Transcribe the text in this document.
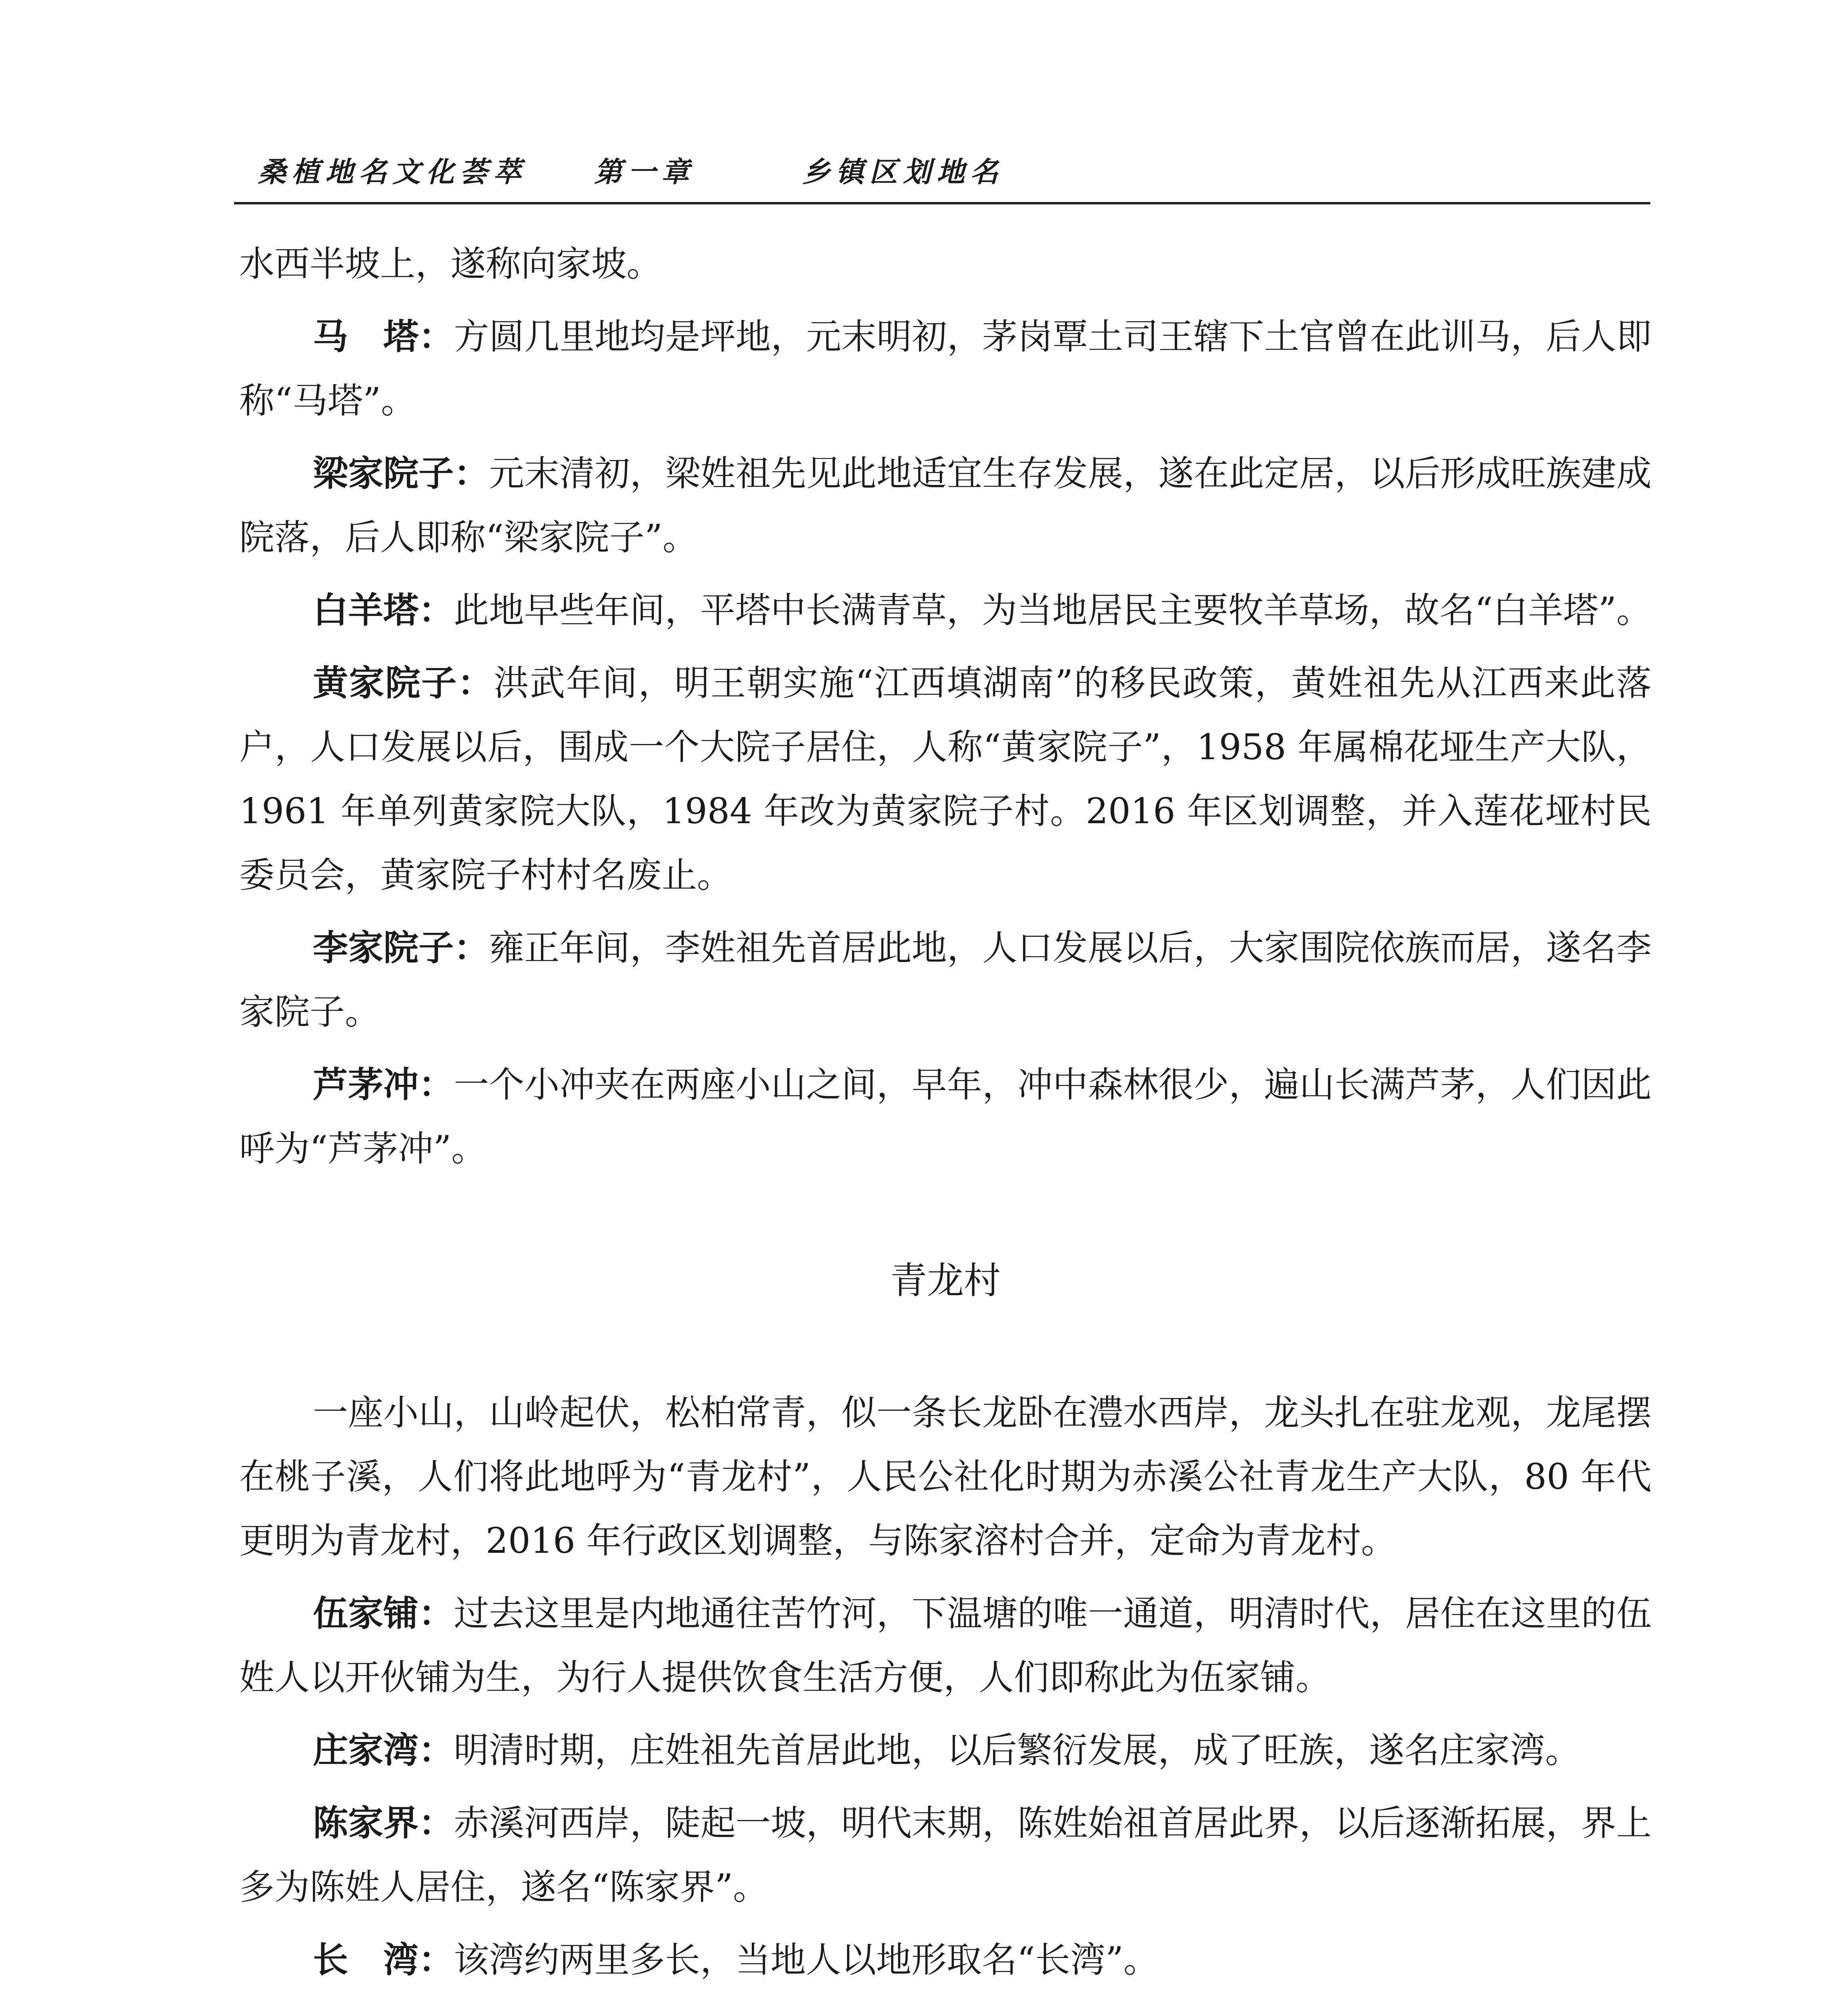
桑植地名文化荟萃 第一章	乡镇区划地名

水西半坡上，遂称向家坡。

马　塔：方圆几里地均是坪地，元末明初，茅岗覃土司王辖下土官曾在此训马，后人即称“马塔”。

梁家院子：元末清初，梁姓祖先见此地适宜生存发展，遂在此定居，以后形成旺族建成院落，后人即称“梁家院子”。

白羊塔：此地早些年间，平塔中长满青草，为当地居民主要牧羊草场，故名“白羊塔”。

黄家院子：洪武年间，明王朝实施“江西填湖南”的移民政策，黄姓祖先从江西来此落户，人口发展以后，围成一个大院子居住，人称“黄家院子”，1958 年属棉花垭生产大队，1961 年单列黄家院大队，1984 年改为黄家院子村。2016 年区划调整，并入莲花垭村民委员会，黄家院子村村名废止。

李家院子：雍正年间，李姓祖先首居此地，人口发展以后，大家围院依族而居，遂名李家院子。

芦茅冲：一个小冲夹在两座小山之间，早年，冲中森林很少，遍山长满芦茅，人们因此呼为“芦茅冲”。

青龙村

一座小山，山岭起伏，松柏常青，似一条长龙卧在澧水西岸，龙头扎在驻龙观，龙尾摆在桃子溪，人们将此地呼为“青龙村”，人民公社化时期为赤溪公社青龙生产大队，80 年代更明为青龙村，2016 年行政区划调整，与陈家溶村合并，定命为青龙村。

伍家铺：过去这里是内地通往苦竹河，下温塘的唯一通道，明清时代，居住在这里的伍姓人以开伙铺为生，为行人提供饮食生活方便，人们即称此为伍家铺。

庄家湾：明清时期，庄姓祖先首居此地，以后繁衍发展，成了旺族，遂名庄家湾。

陈家界：赤溪河西岸，陡起一坡，明代末期，陈姓始祖首居此界，以后逐渐拓展，界上多为陈姓人居住，遂名“陈家界”。

长　湾：该湾约两里多长，当地人以地形取名“长湾”。
